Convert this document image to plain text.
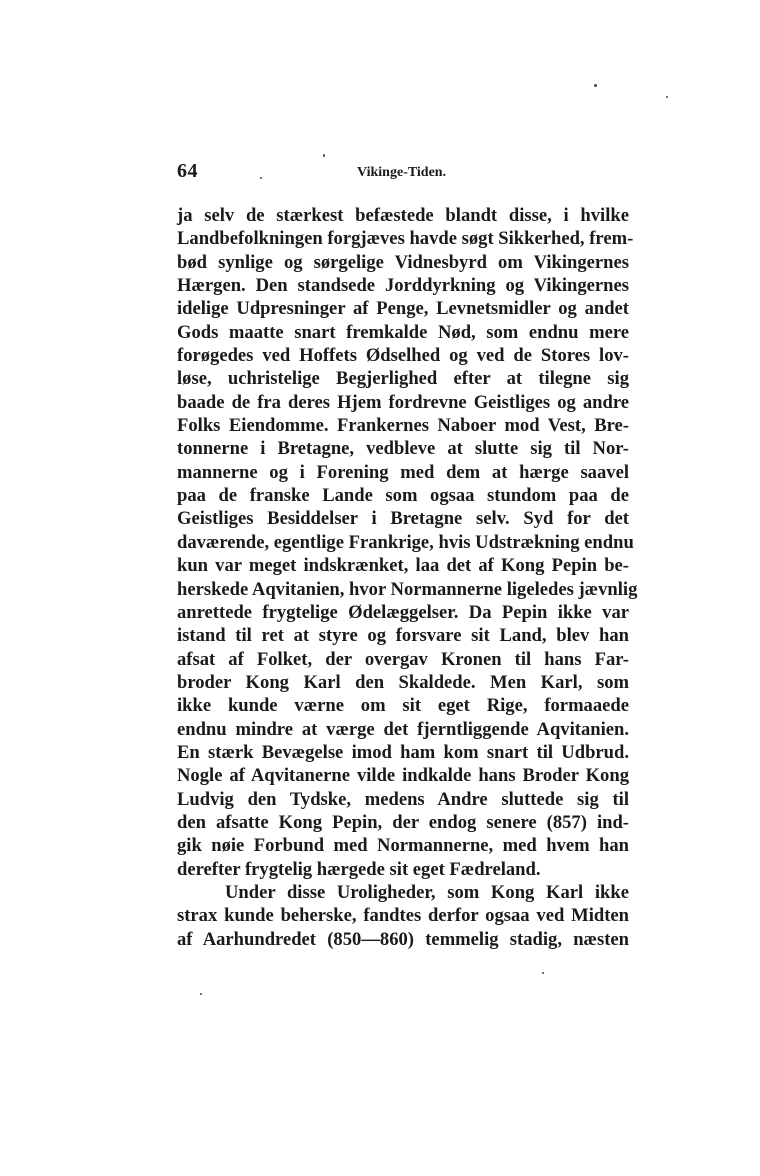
64	Vikinge-Tiden.
ja selv de stærkest befæstede blandt disse, i hvilke
Landbefolkningen forgjæves havde søgt Sikkerhed, frem-
bød synlige og sørgelige Vidnesbyrd om Vikingernes
Hærgen. Den standsede Jorddyrkning og Vikingernes
idelige Udpresninger af Penge, Levnetsmidler og andet
Gods maatte snart fremkalde Nød, som endnu mere
forøgedes ved Hoffets Ødselhed og ved de Stores lov-
løse, uchristelige Begjerlighed efter at tilegne sig
baade de fra deres Hjem fordrevne Geistliges og andre
Folks Eiendomme. Frankernes Naboer mod Vest, Bre-
tonnerne i Bretagne, vedbleve at slutte sig til Nor-
mannerne og i Forening med dem at hærge saavel
paa de franske Lande som ogsaa stundom paa de
Geistliges Besiddelser i Bretagne selv. Syd for det
daværende, egentlige Frankrige, hvis Udstrækning endnu
kun var meget indskrænket, laa det af Kong Pepin be-
herskede Aqvitanien, hvor Normannerne ligeledes jævnlig
anrettede frygtelige Ødelæggelser. Da Pepin ikke var
istand til ret at styre og forsvare sit Land, blev han
afsat af Folket, der overgav Kronen til hans Far-
broder Kong Karl den Skaldede. Men Karl, som
ikke kunde værne om sit eget Rige, formaaede
endnu mindre at værge det fjerntliggende Aqvitanien.
En stærk Bevægelse imod ham kom snart til Udbrud.
Nogle af Aqvitanerne vilde indkalde hans Broder Kong
Ludvig den Tydske, medens Andre sluttede sig til
den afsatte Kong Pepin, der endog senere (857) ind-
gik nøie Forbund med Normannerne, med hvem han
derefter frygtelig hærgede sit eget Fædreland.
Under disse Uroligheder, som Kong Karl ikke
strax kunde beherske, fandtes derfor ogsaa ved Midten
af Aarhundredet (850—860) temmelig stadig, næsten
